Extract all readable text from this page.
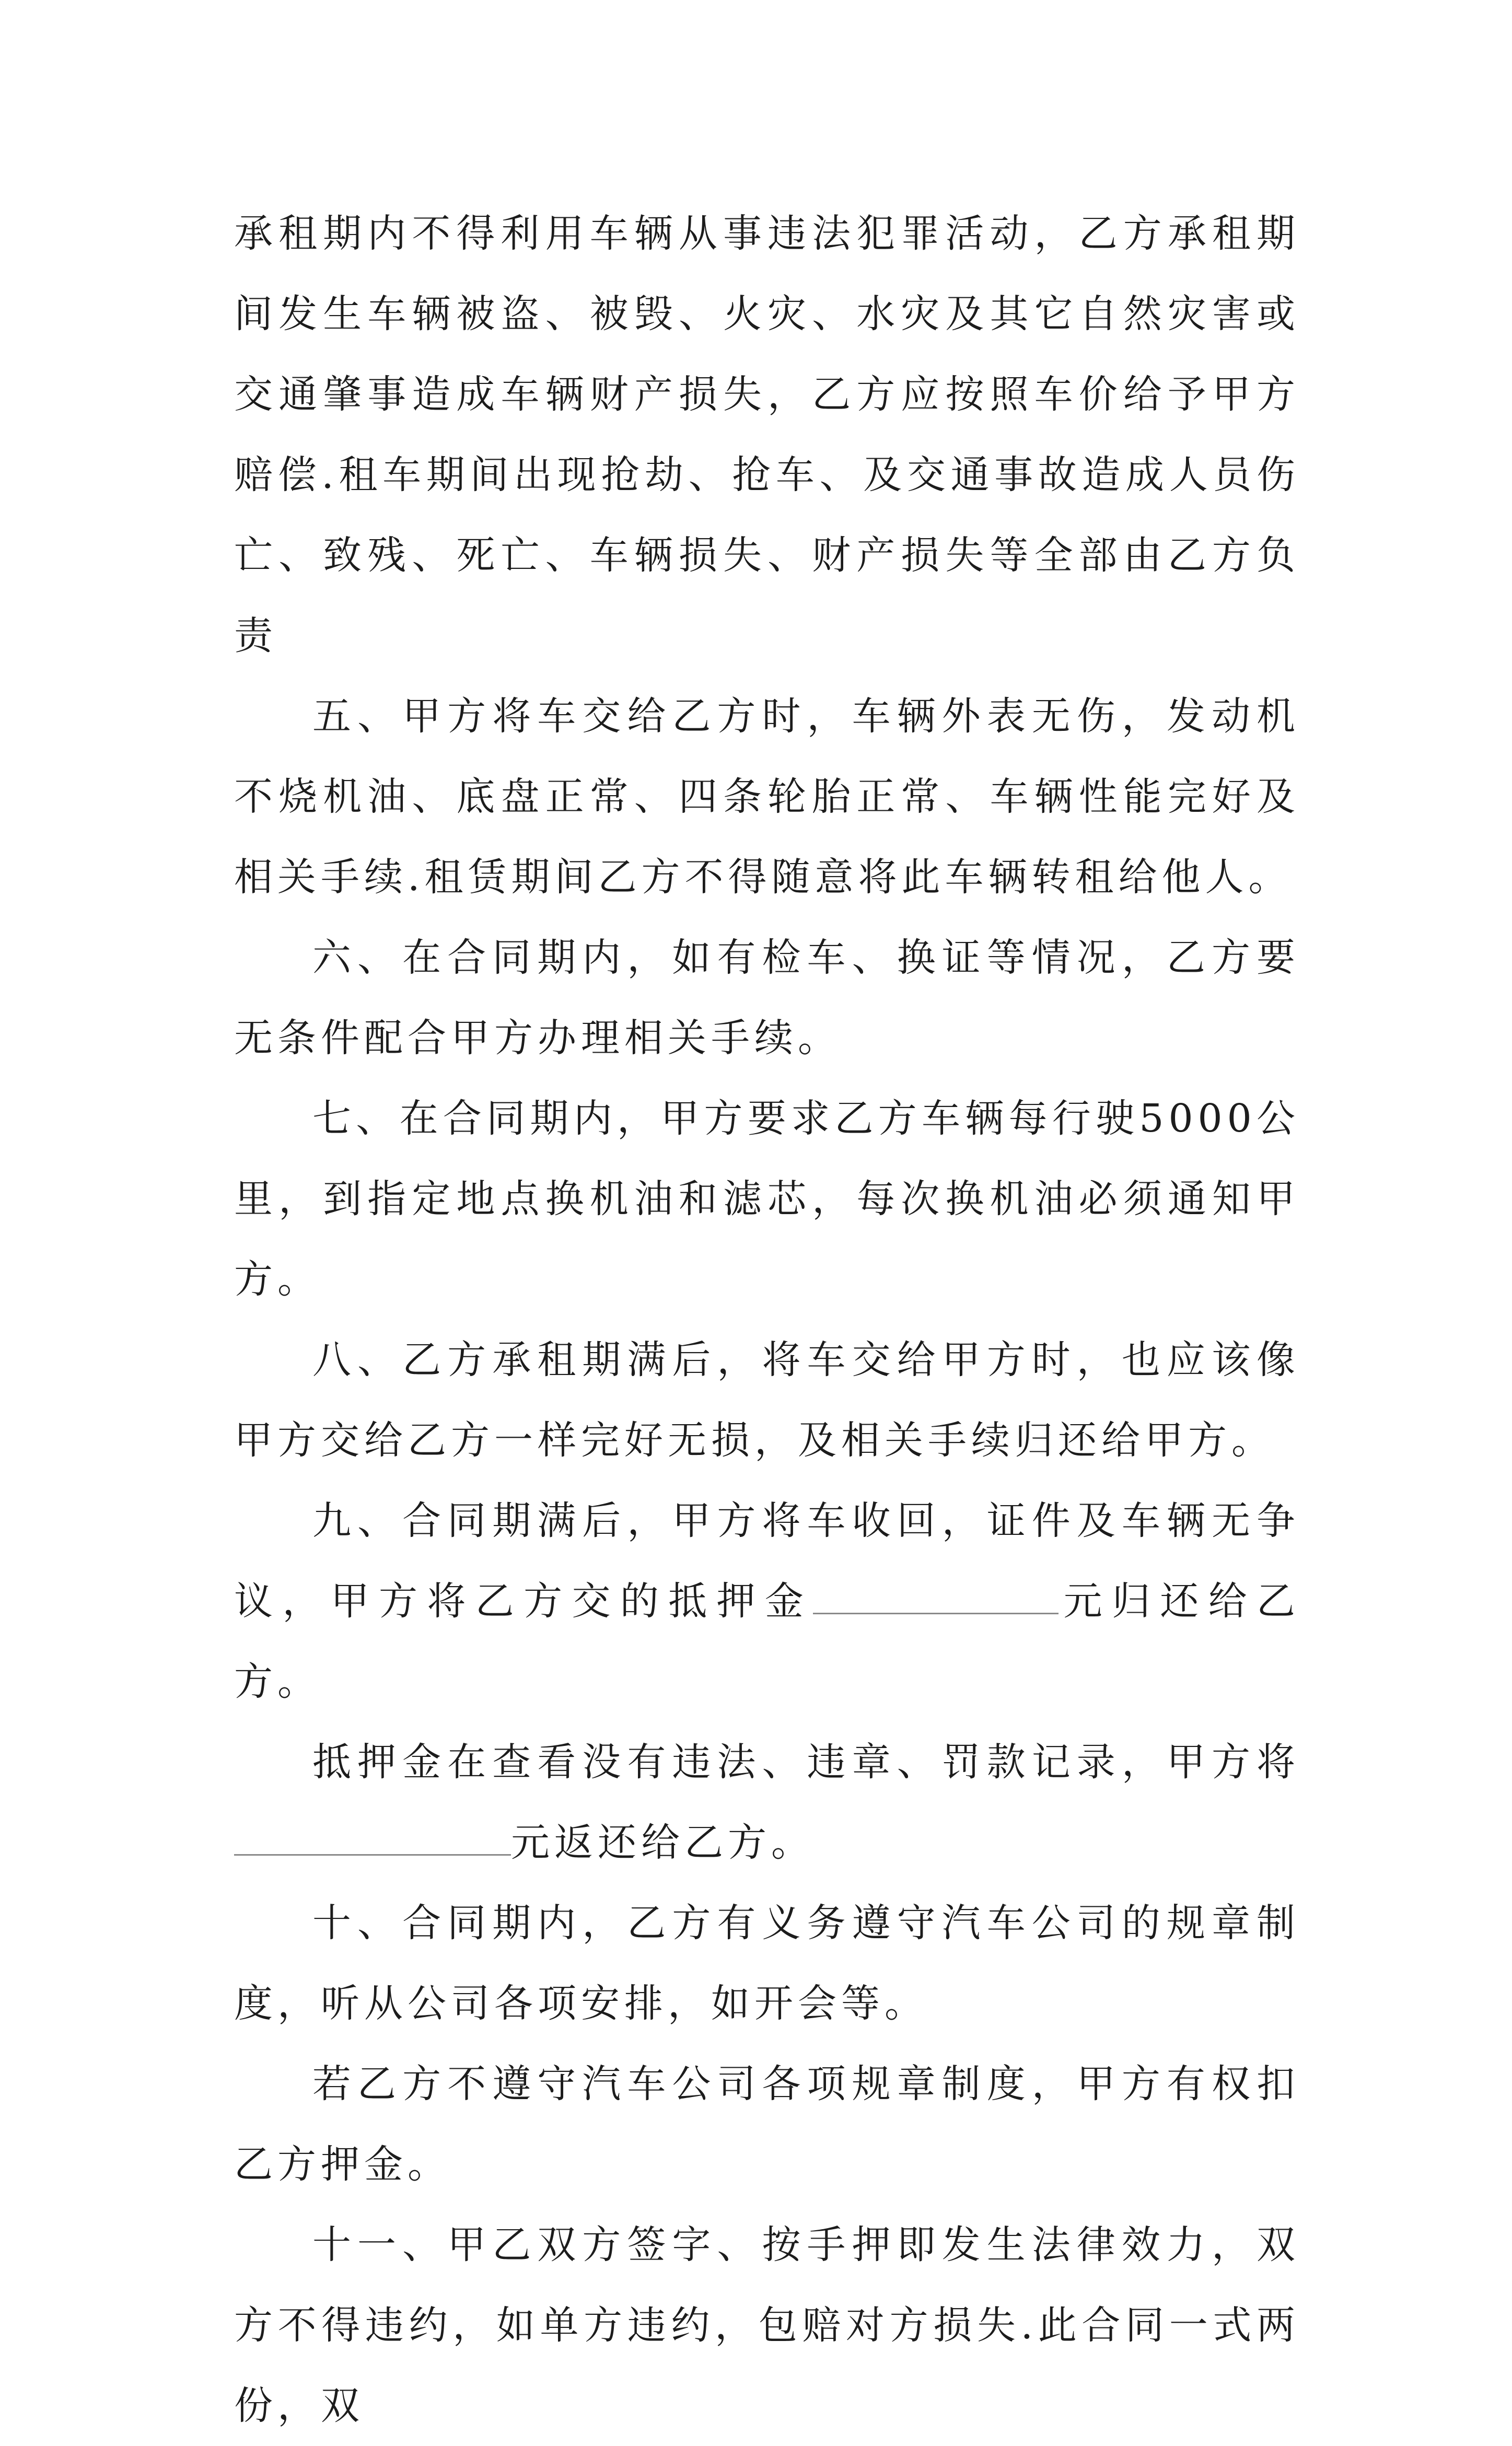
承租期内不得利用车辆从事违法犯罪活动，乙方承租期间发生车辆被盗、被毁、火灾、水灾及其它自然灾害或交通肇事造成车辆财产损失，乙方应按照车价给予甲方赔偿.租车期间出现抢劫、抢车、及交通事故造成人员伤亡、致残、死亡、车辆损失、财产损失等全部由乙方负责

五、甲方将车交给乙方时，车辆外表无伤，发动机不烧机油、底盘正常、四条轮胎正常、车辆性能完好及相关手续.租赁期间乙方不得随意将此车辆转租给他人。

六、在合同期内，如有检车、换证等情况，乙方要无条件配合甲方办理相关手续。

七、在合同期内，甲方要求乙方车辆每行驶5000公里，到指定地点换机油和滤芯，每次换机油必须通知甲方。

八、乙方承租期满后，将车交给甲方时，也应该像甲方交给乙方一样完好无损，及相关手续归还给甲方。

九、合同期满后，甲方将车收回，证件及车辆无争议，甲方将乙方交的抵押金	元归还给乙方。

抵押金在查看没有违法、违章、罚款记录，甲方将元返还给乙方。

十、合同期内，乙方有义务遵守汽车公司的规章制度，听从公司各项安排，如开会等。

若乙方不遵守汽车公司各项规章制度，甲方有权扣乙方押金。

十一、甲乙双方签字、按手押即发生法律效力，双方不得违约，如单方违约，包赔对方损失.此合同一式两份，双
